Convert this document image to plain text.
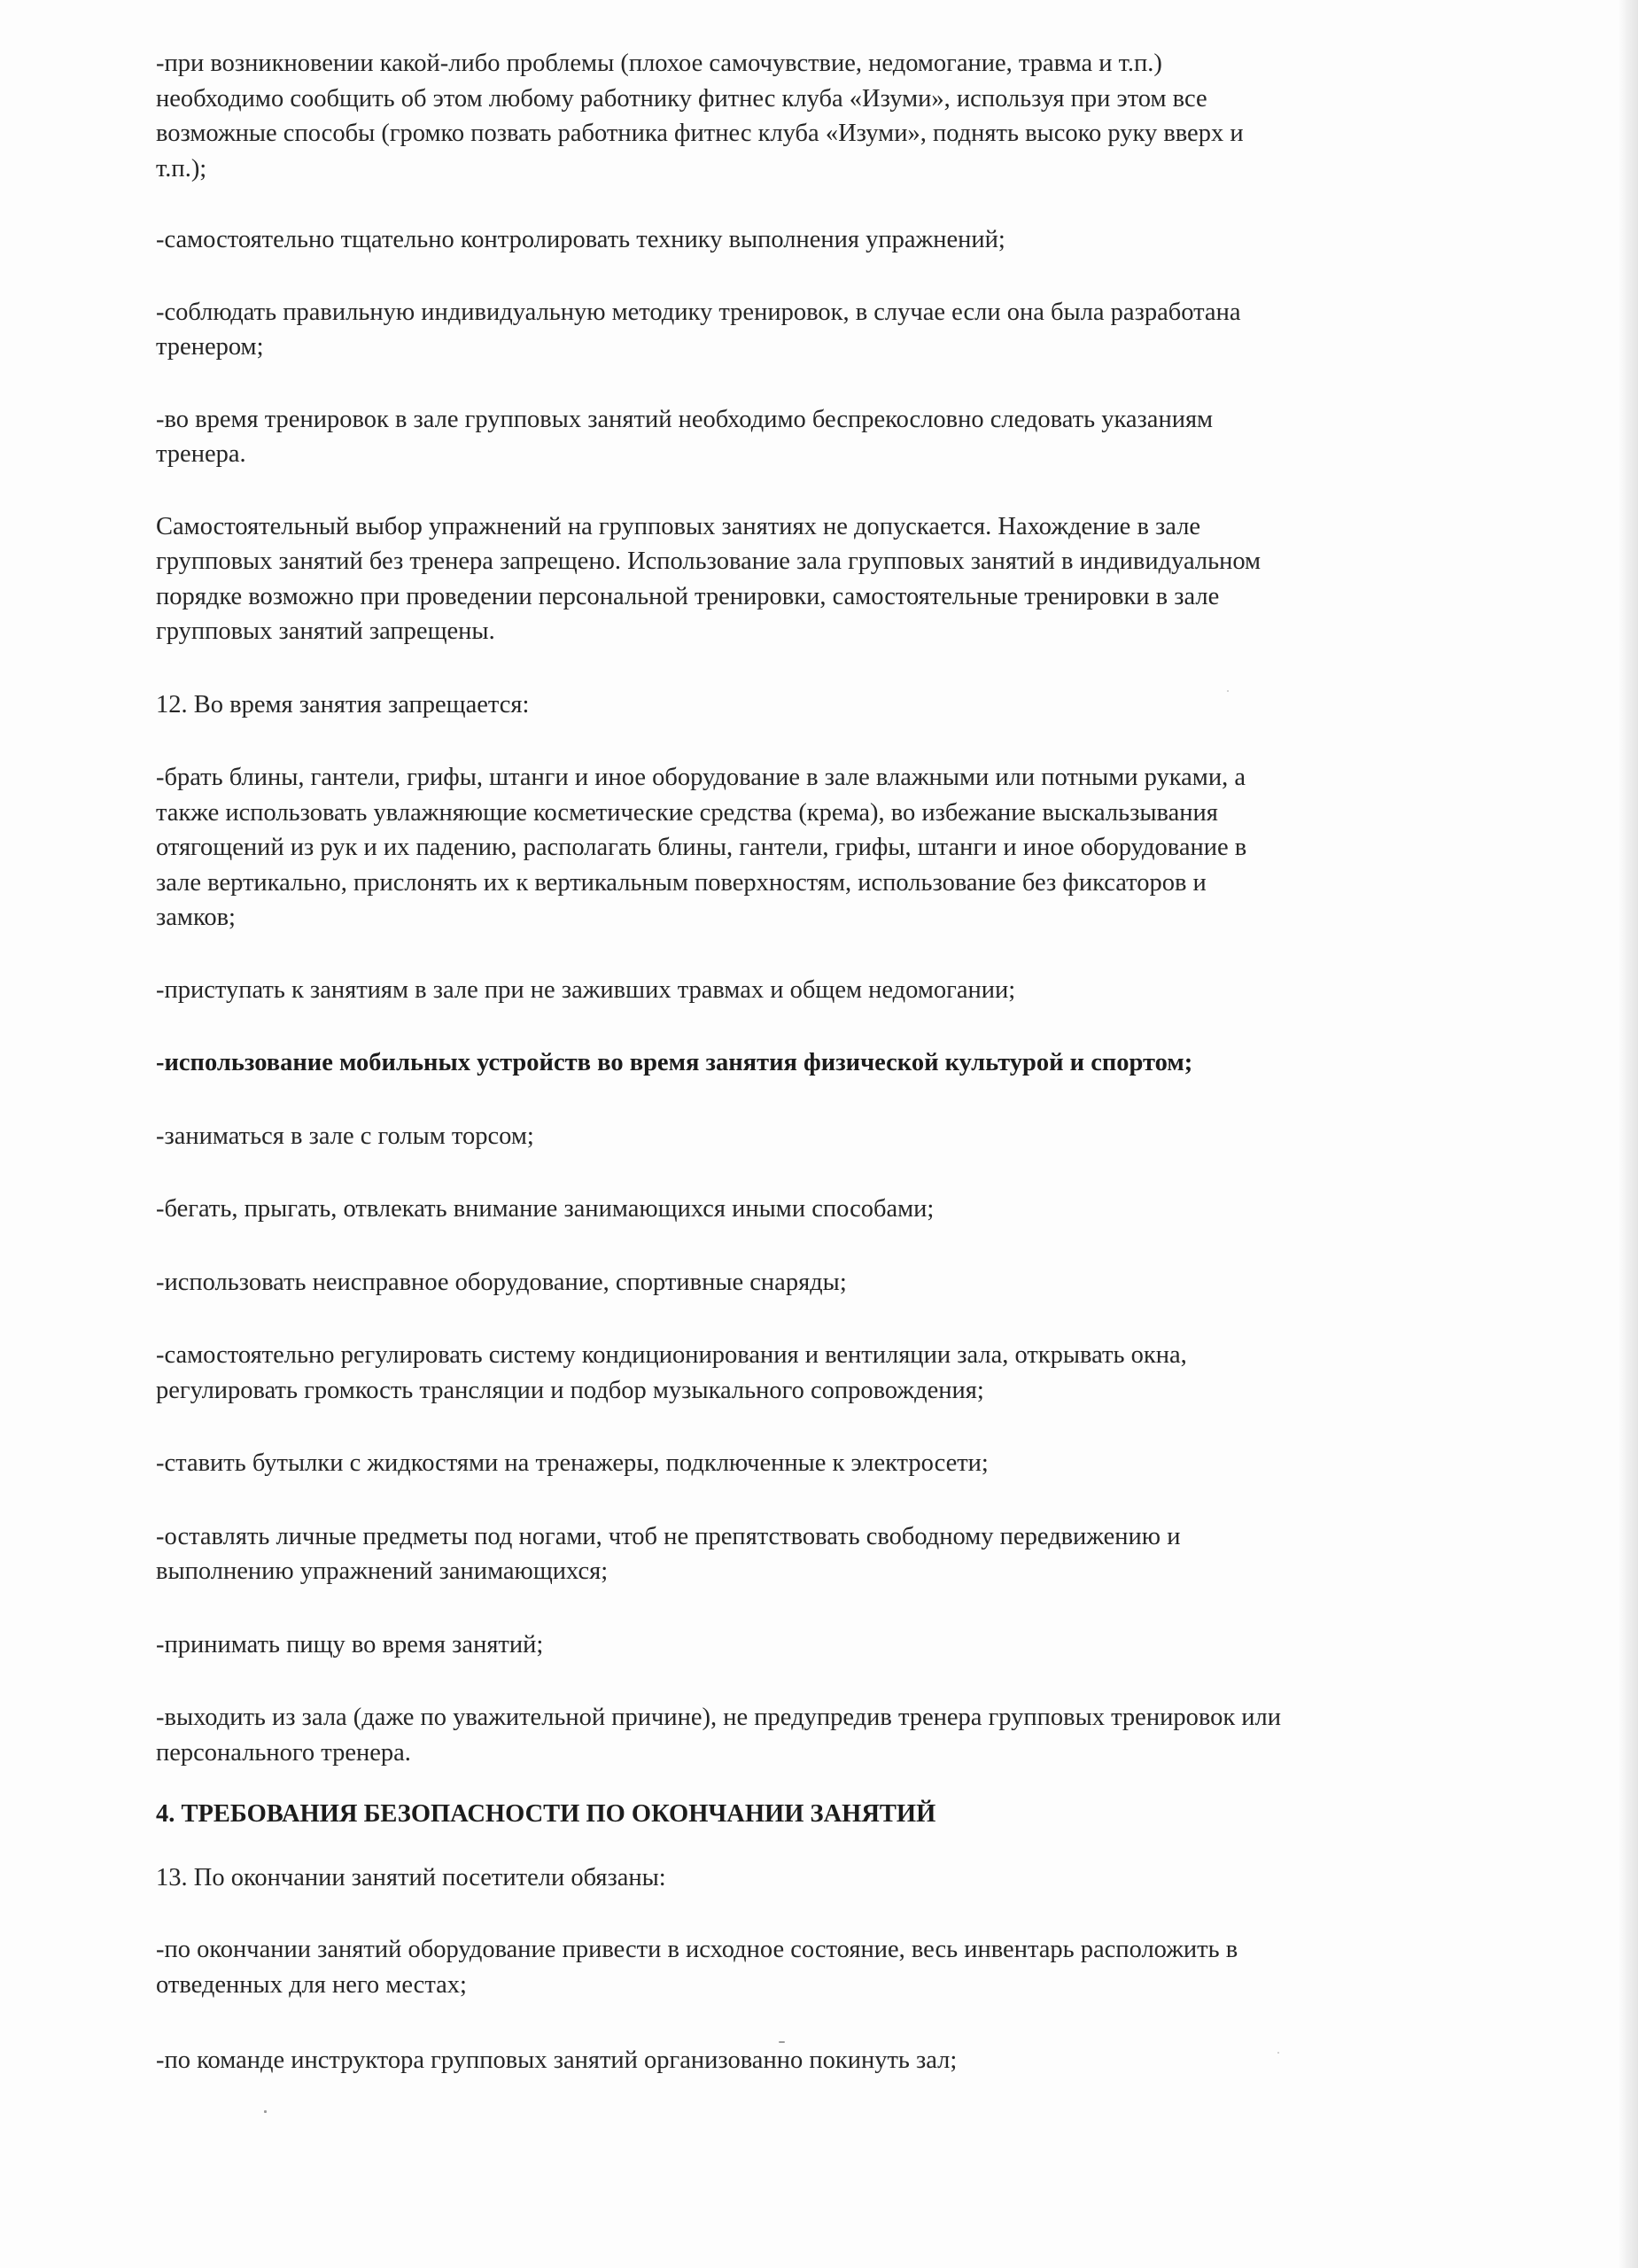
-при возникновении какой-либо проблемы (плохое самочувствие, недомогание, травма и т.п.)
необходимо сообщить об этом любому работнику фитнес клуба «Изуми», используя при этом все
возможные способы (громко позвать работника фитнес клуба «Изуми», поднять высоко руку вверх и
т.п.);

-самостоятельно тщательно контролировать технику выполнения упражнений;

-соблюдать правильную индивидуальную методику тренировок, в случае если она была разработана
тренером;

-во время тренировок в зале групповых занятий необходимо беспрекословно следовать указаниям
тренера.

Самостоятельный выбор упражнений на групповых занятиях не допускается. Нахождение в зале
групповых занятий без тренера запрещено. Использование зала групповых занятий в индивидуальном
порядке возможно при проведении персональной тренировки, самостоятельные тренировки в зале
групповых занятий запрещены.

12. Во время занятия запрещается:

-брать блины, гантели, грифы, штанги и иное оборудование в зале влажными или потными руками, а
также использовать увлажняющие косметические средства (крема), во избежание выскальзывания
отягощений из рук и их падению, располагать блины, гантели, грифы, штанги и иное оборудование в
зале вертикально, прислонять их к вертикальным поверхностям, использование без фиксаторов и
замков;

-приступать к занятиям в зале при не заживших травмах и общем недомогании;

-использование мобильных устройств во время занятия физической культурой и спортом;

-заниматься в зале с голым торсом;

-бегать, прыгать, отвлекать внимание занимающихся иными способами;

-использовать неисправное оборудование, спортивные снаряды;

-самостоятельно регулировать систему кондиционирования и вентиляции зала, открывать окна,
регулировать громкость трансляции и подбор музыкального сопровождения;

-ставить бутылки с жидкостями на тренажеры, подключенные к электросети;

-оставлять личные предметы под ногами, чтоб не препятствовать свободному передвижению и
выполнению упражнений занимающихся;

-принимать пищу во время занятий;

-выходить из зала (даже по уважительной причине), не предупредив тренера групповых тренировок или
персонального тренера.

4. ТРЕБОВАНИЯ БЕЗОПАСНОСТИ ПО ОКОНЧАНИИ ЗАНЯТИЙ

13. По окончании занятий посетители обязаны:

-по окончании занятий оборудование привести в исходное состояние, весь инвентарь расположить в
отведенных для него местах;

-по команде инструктора групповых занятий организованно покинуть зал;
